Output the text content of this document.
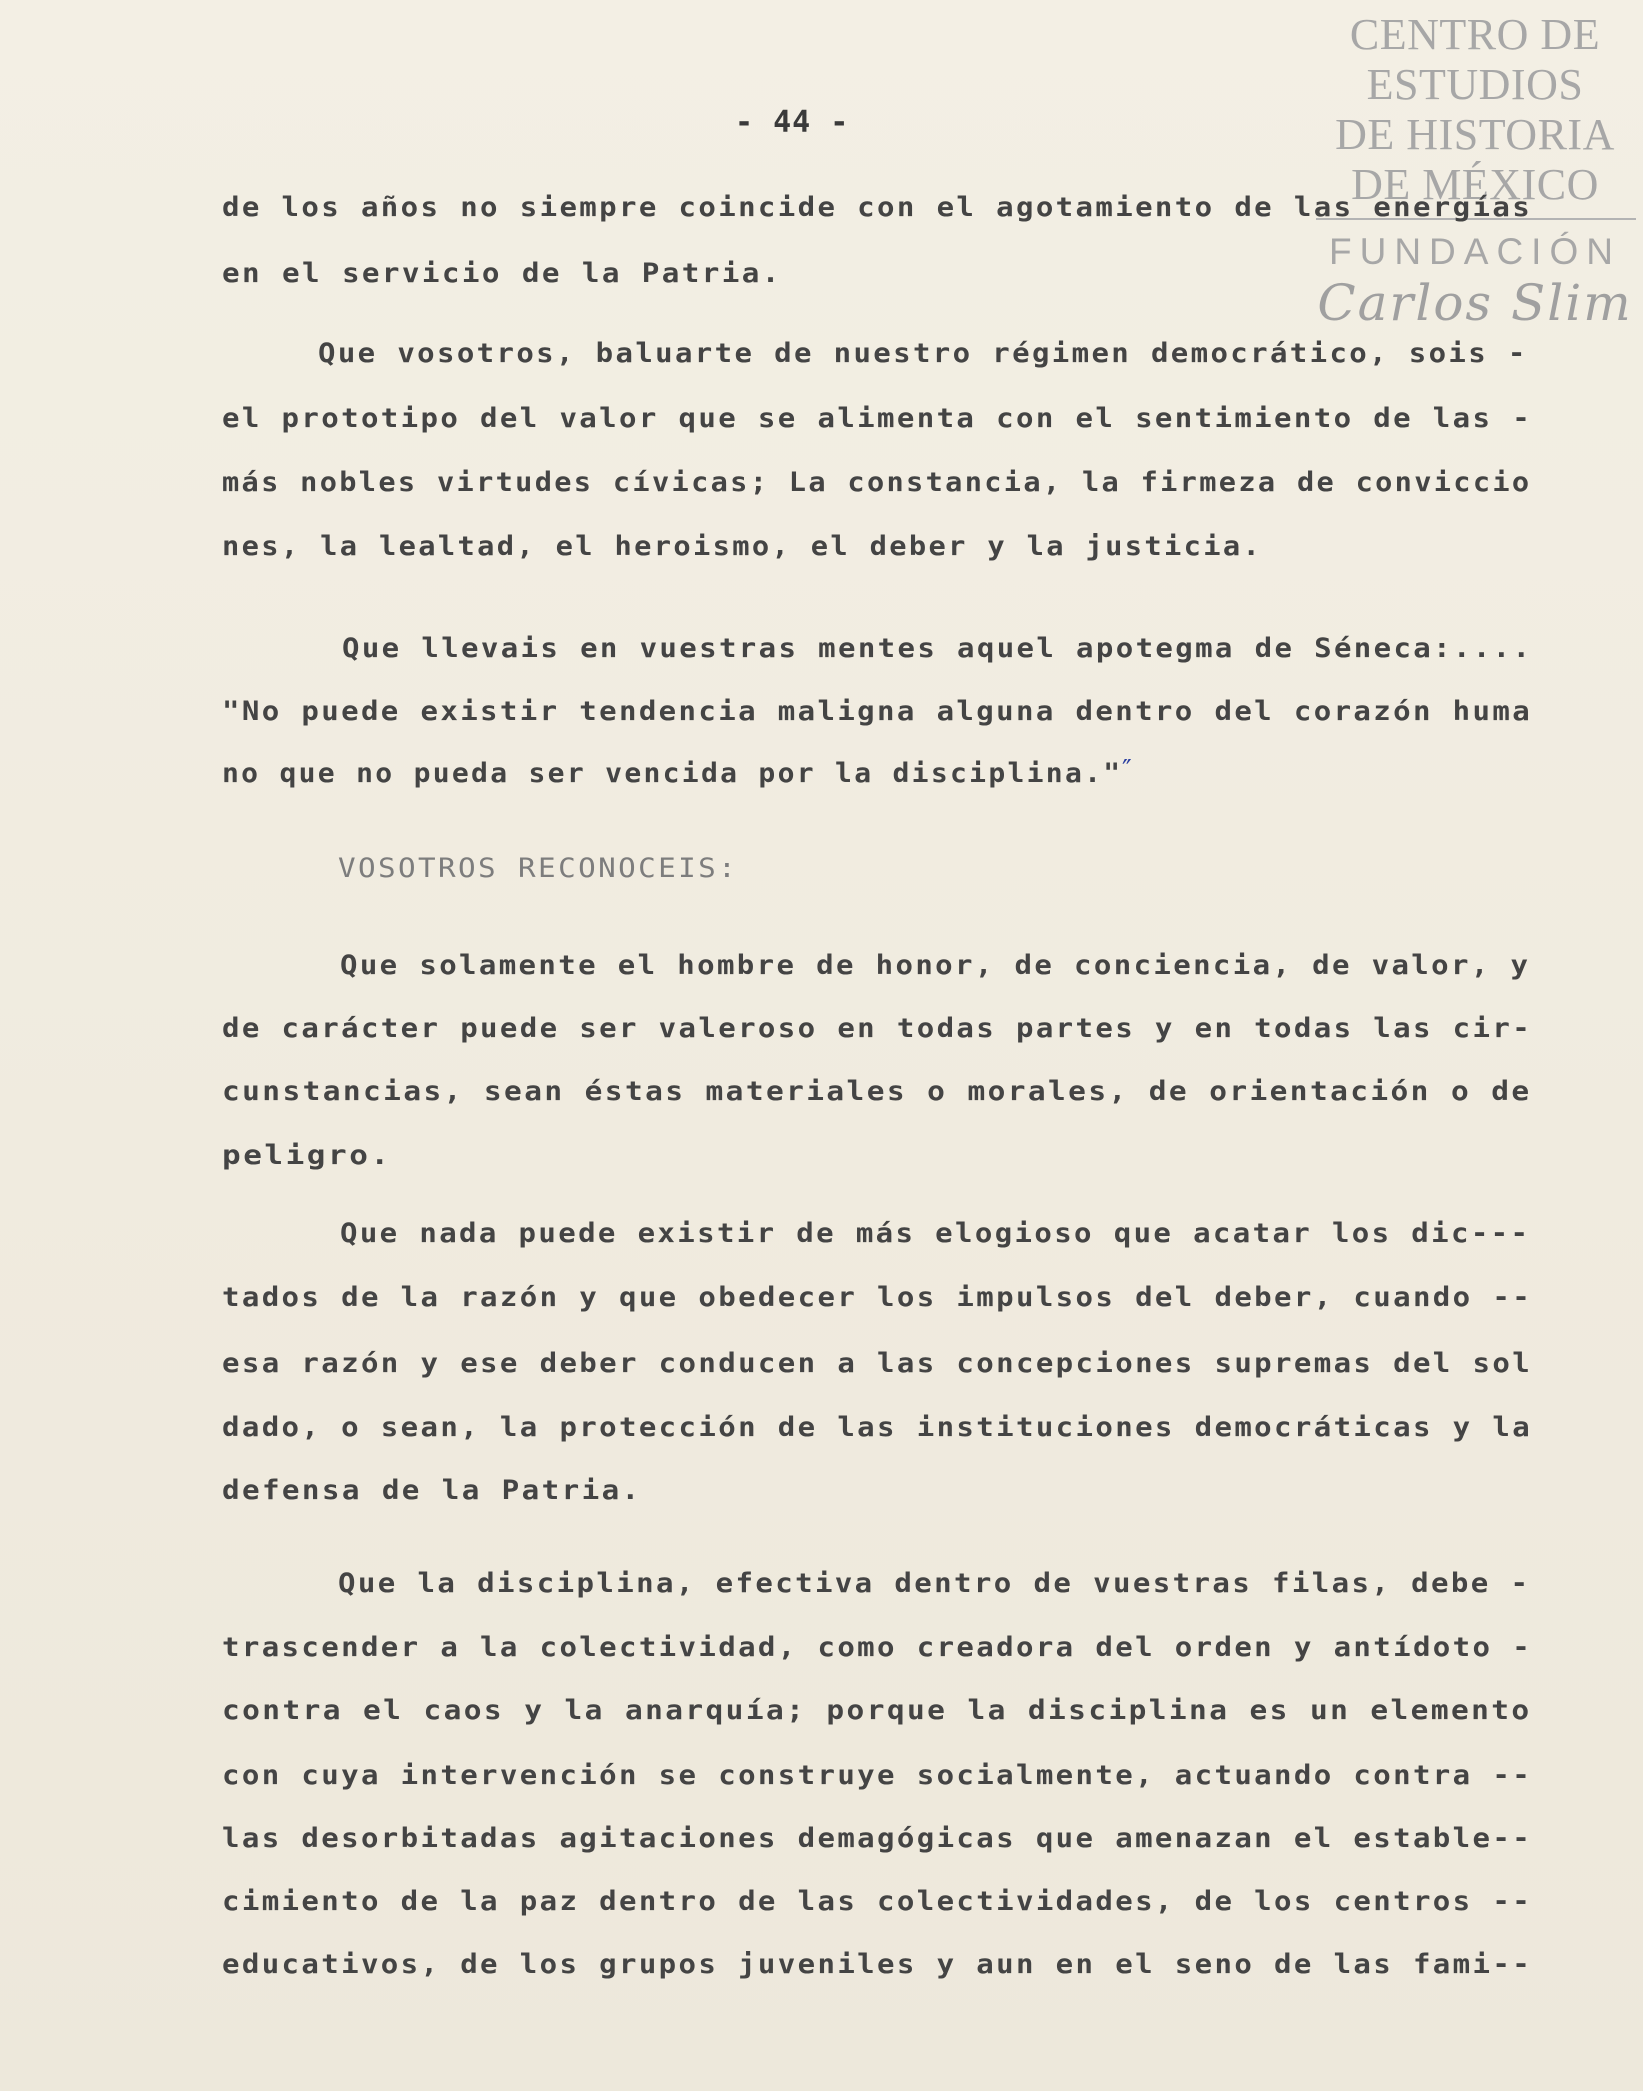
- 44 -
CENTRO DE
ESTUDIOS
DE HISTORIA
DE MÉXICO
FUNDACIÓN
Carlos Slim
de los años no siempre coincide con el agotamiento de las energías
en el servicio de la Patria.
Que vosotros, baluarte de nuestro régimen democrático, sois -
el prototipo del valor que se alimenta con el sentimiento de las -
más nobles virtudes cívicas; La constancia, la firmeza de conviccio
nes, la lealtad, el heroismo, el deber y la justicia.
Que llevais en vuestras mentes aquel apotegma de Séneca:....
"No puede existir tendencia maligna alguna dentro del corazón huma
no que no pueda ser vencida por la disciplina." ″
VOSOTROS RECONOCEIS:
Que solamente el hombre de honor, de conciencia, de valor, y
de carácter puede ser valeroso en todas partes y en todas las cir-
cunstancias, sean éstas materiales o morales, de orientación o de
peligro.
Que nada puede existir de más elogioso que acatar los dic---
tados de la razón y que obedecer los impulsos del deber, cuando --
esa razón y ese deber conducen a las concepciones supremas del sol
dado, o sean, la protección de las instituciones democráticas y la
defensa de la Patria.
Que la disciplina, efectiva dentro de vuestras filas, debe -
trascender a la colectividad, como creadora del orden y antídoto -
contra el caos y la anarquía; porque la disciplina es un elemento
con cuya intervención se construye socialmente, actuando contra --
las desorbitadas agitaciones demagógicas que amenazan el estable--
cimiento de la paz dentro de las colectividades, de los centros --
educativos, de los grupos juveniles y aun en el seno de las fami--
